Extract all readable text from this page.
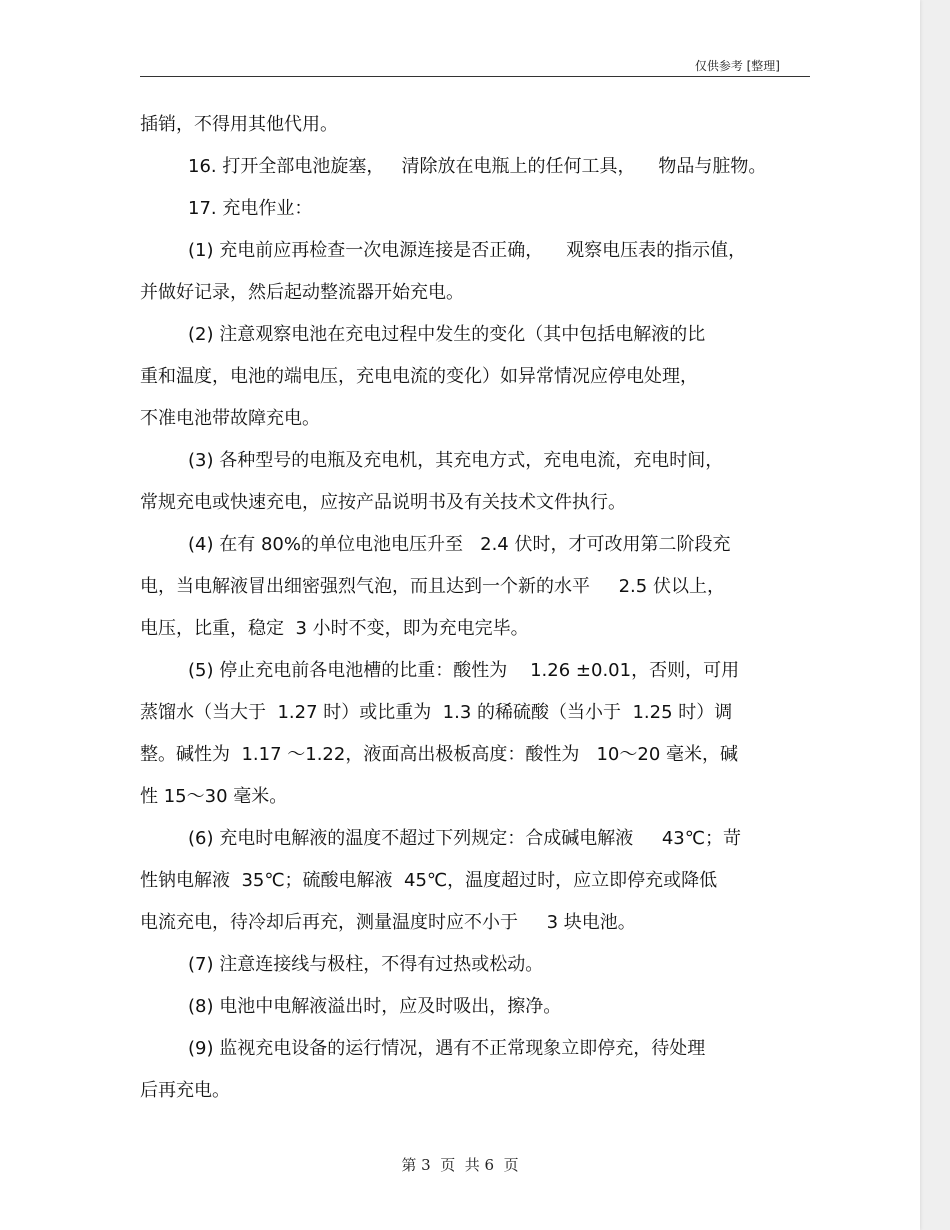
仅供参考 [整理]
插销，不得用其他代用。
16. 打开全部电池旋塞，   清除放在电瓶上的任何工具，    物品与脏物。
17. 充电作业：
(1) 充电前应再检查一次电源连接是否正确，    观察电压表的指示值，
并做好记录，然后起动整流器开始充电。
(2) 注意观察电池在充电过程中发生的变化（其中包括电解液的比
重和温度，电池的端电压，充电电流的变化）如异常情况应停电处理，
不准电池带故障充电。
(3) 各种型号的电瓶及充电机，其充电方式，充电电流，充电时间，
常规充电或快速充电，应按产品说明书及有关技术文件执行。
(4) 在有 80%的单位电池电压升至   2.4 伏时，才可改用第二阶段充
电，当电解液冒出细密强烈气泡，而且达到一个新的水平     2.5 伏以上，
电压，比重，稳定  3 小时不变，即为充电完毕。
(5) 停止充电前各电池槽的比重：酸性为    1.26 ±0.01，否则，可用
蒸馏水（当大于  1.27 时）或比重为  1.3 的稀硫酸（当小于  1.25 时）调
整。碱性为  1.17 ～1.22，液面高出极板高度：酸性为   10～20 毫米，碱
性 15～30 毫米。
(6) 充电时电解液的温度不超过下列规定：合成碱电解液     43℃；苛
性钠电解液  35℃；硫酸电解液  45℃，温度超过时，应立即停充或降低
电流充电，待冷却后再充，测量温度时应不小于     3 块电池。
(7) 注意连接线与极柱，不得有过热或松动。
(8) 电池中电解液溢出时，应及时吸出，擦净。
(9) 监视充电设备的运行情况，遇有不正常现象立即停充，待处理
后再充电。
第 3  页  共 6  页
